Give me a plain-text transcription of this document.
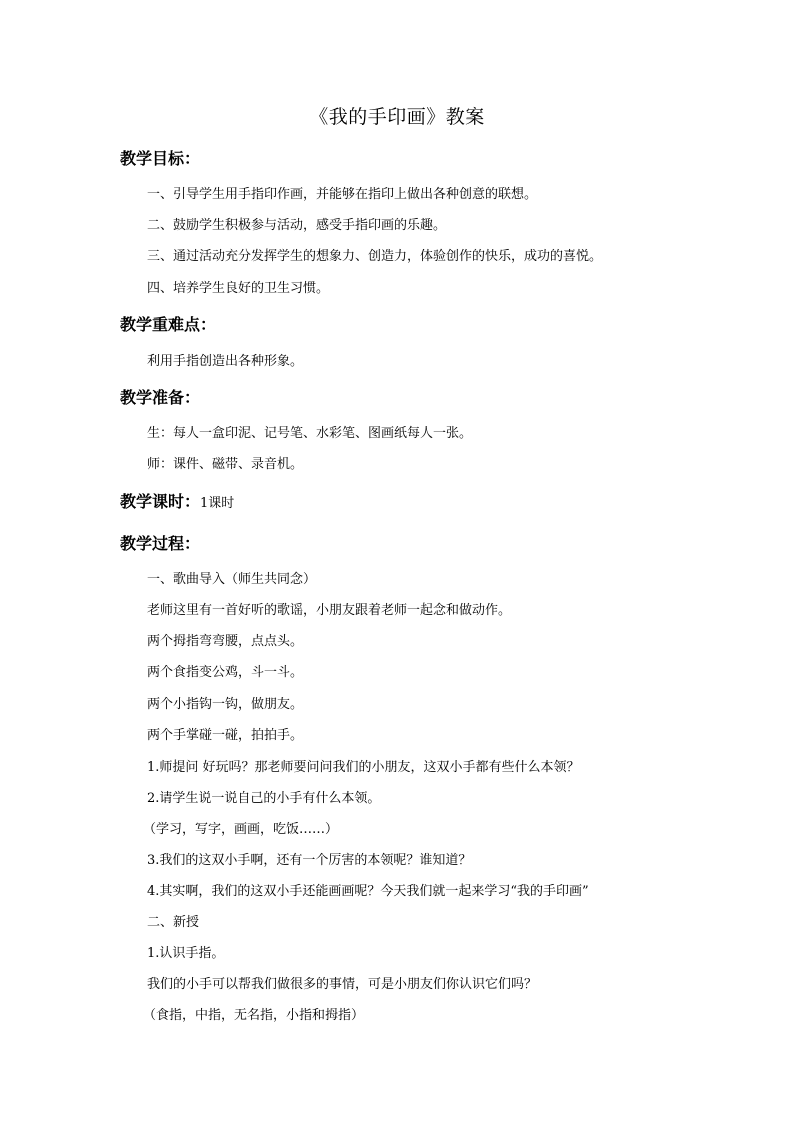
《我的手印画》教案
教学目标：
一、引导学生用手指印作画，并能够在指印上做出各种创意的联想。
二、鼓励学生积极参与活动，感受手指印画的乐趣。
三、通过活动充分发挥学生的想象力、创造力，体验创作的快乐，成功的喜悦。
四、培养学生良好的卫生习惯。
教学重难点：
利用手指创造出各种形象。
教学准备：
生：每人一盒印泥、记号笔、水彩笔、图画纸每人一张。
师：课件、磁带、录音机。
教学课时：1课时
教学过程：
一、歌曲导入（师生共同念）
老师这里有一首好听的歌谣，小朋友跟着老师一起念和做动作。
两个拇指弯弯腰，点点头。
两个食指变公鸡，斗一斗。
两个小指钩一钩，做朋友。
两个手掌碰一碰，拍拍手。
1.师提问 好玩吗？那老师要问问我们的小朋友，这双小手都有些什么本领？
2.请学生说一说自己的小手有什么本领。
（学习，写字，画画，吃饭……）
3.我们的这双小手啊，还有一个厉害的本领呢？谁知道？
4.其实啊，我们的这双小手还能画画呢？今天我们就一起来学习“我的手印画”
二、新授
1.认识手指。
我们的小手可以帮我们做很多的事情，可是小朋友们你认识它们吗？
（食指，中指，无名指，小指和拇指）
